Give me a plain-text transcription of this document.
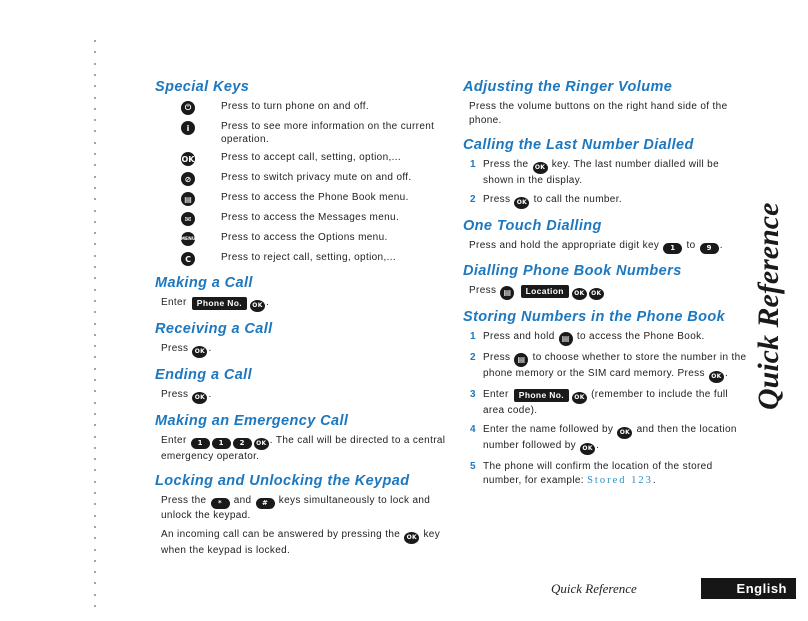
Special Keys
⏻	Press to turn phone on and off.
i	Press to see more information on the current operation.
OK	Press to accept call, setting, option,...
⊘	Press to switch privacy mute on and off.
▤	Press to access the Phone Book menu.
✉	Press to access the Messages menu.
MENU	Press to access the Options menu.
C	Press to reject call, setting, option,...
Making a Call

Enter Phone No. OK .

Receiving a Call

Press OK .

Ending a Call

Press OK .

Making an Emergency Call

Enter 1 1 2 OK . The call will be directed to a central emergency operator.

Locking and Unlocking the Keypad

Press the * and # keys simultaneously to lock and unlock the keypad.

An incoming call can be answered by pressing the OK key when the keypad is locked.

Adjusting the Ringer Volume

Press the volume buttons on the right hand side of the phone.

Calling the Last Number Dialled
1 Press the OK key. The last number dialled will be shown in the display.
2 Press OK to call the number.
One Touch Dialling

Press and hold the appropriate digit key 1 to 9 .

Dialling Phone Book Numbers

Press ▤ Location OK OK

Storing Numbers in the Phone Book
1 Press and hold ▤ to access the Phone Book.
2 Press ▤ to choose whether to store the number in the phone memory or the SIM card memory. Press OK .
3 Enter Phone No. OK (remember to include the full area code).
4 Enter the name followed by OK and then the location number followed by OK .
5 The phone will confirm the location of the stored number, for example: Stored 123.
Quick Reference
Quick Reference	English
